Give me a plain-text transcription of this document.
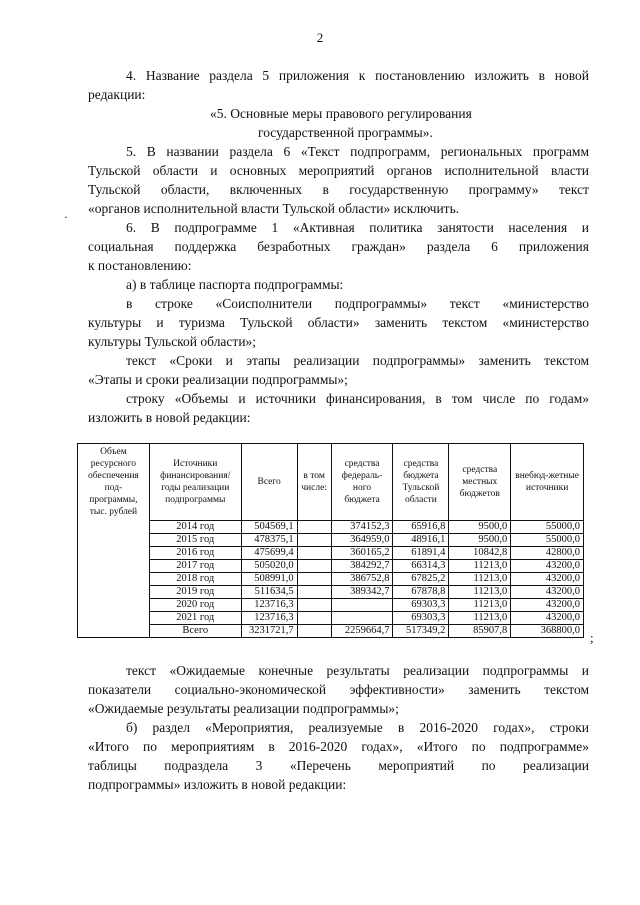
2
4. Название раздела 5 приложения к постановлению изложить в новой
редакции:
«5. Основные меры правового регулирования
государственной программы».
5. В названии раздела 6 «Текст подпрограмм, региональных программ
Тульской области и основных мероприятий органов исполнительной власти
Тульской области, включенных в государственную программу» текст
«органов исполнительной власти Тульской области» исключить.
·
6. В подпрограмме 1 «Активная политика занятости населения и
социальная поддержка безработных граждан» раздела 6 приложения
к постановлению:
а) в таблице паспорта подпрограммы:
в строке «Соисполнители подпрограммы» текст «министерство
культуры и туризма Тульской области» заменить текстом «министерство
культуры Тульской области»;
текст «Сроки и этапы реализации подпрограммы» заменить текстом
«Этапы и сроки реализации подпрограммы»;
строку «Объемы и источники финансирования, в том числе по годам»
изложить в новой редакции:
Объем ресурсного обеспечения под-программы, тыс. рублей	Источники финансирования/ годы реализации подпрограммы	Всего	в том числе:	средства федераль-ного бюджета	средства бюджета Тульской области	средства местных бюджетов	внебюд-жетные источники
	2014 год	504569,1		374152,3	65916,8	9500,0	55000,0
	2015 год	478375,1		364959,0	48916,1	9500,0	55000,0
	2016 год	475699,4		360165,2	61891,4	10842,8	42800,0
	2017 год	505020,0		384292,7	66314,3	11213,0	43200,0
	2018 год	508991,0		386752,8	67825,2	11213,0	43200,0
	2019 год	511634,5		389342,7	67878,8	11213,0	43200,0
	2020 год	123716,3			69303,3	11213,0	43200,0
	2021 год	123716,3			69303,3	11213,0	43200,0
	Всего	3231721,7		2259664,7	517349,2	85907,8	368800,0 ;
текст «Ожидаемые конечные результаты реализации подпрограммы и
показатели социально-экономической эффективности» заменить текстом
«Ожидаемые результаты реализации подпрограммы»;
б) раздел «Мероприятия, реализуемые в 2016-2020 годах», строки
«Итого по мероприятиям в 2016-2020 годах», «Итого по подпрограмме»
таблицы подраздела 3 «Перечень мероприятий по реализации
подпрограммы» изложить в новой редакции:
